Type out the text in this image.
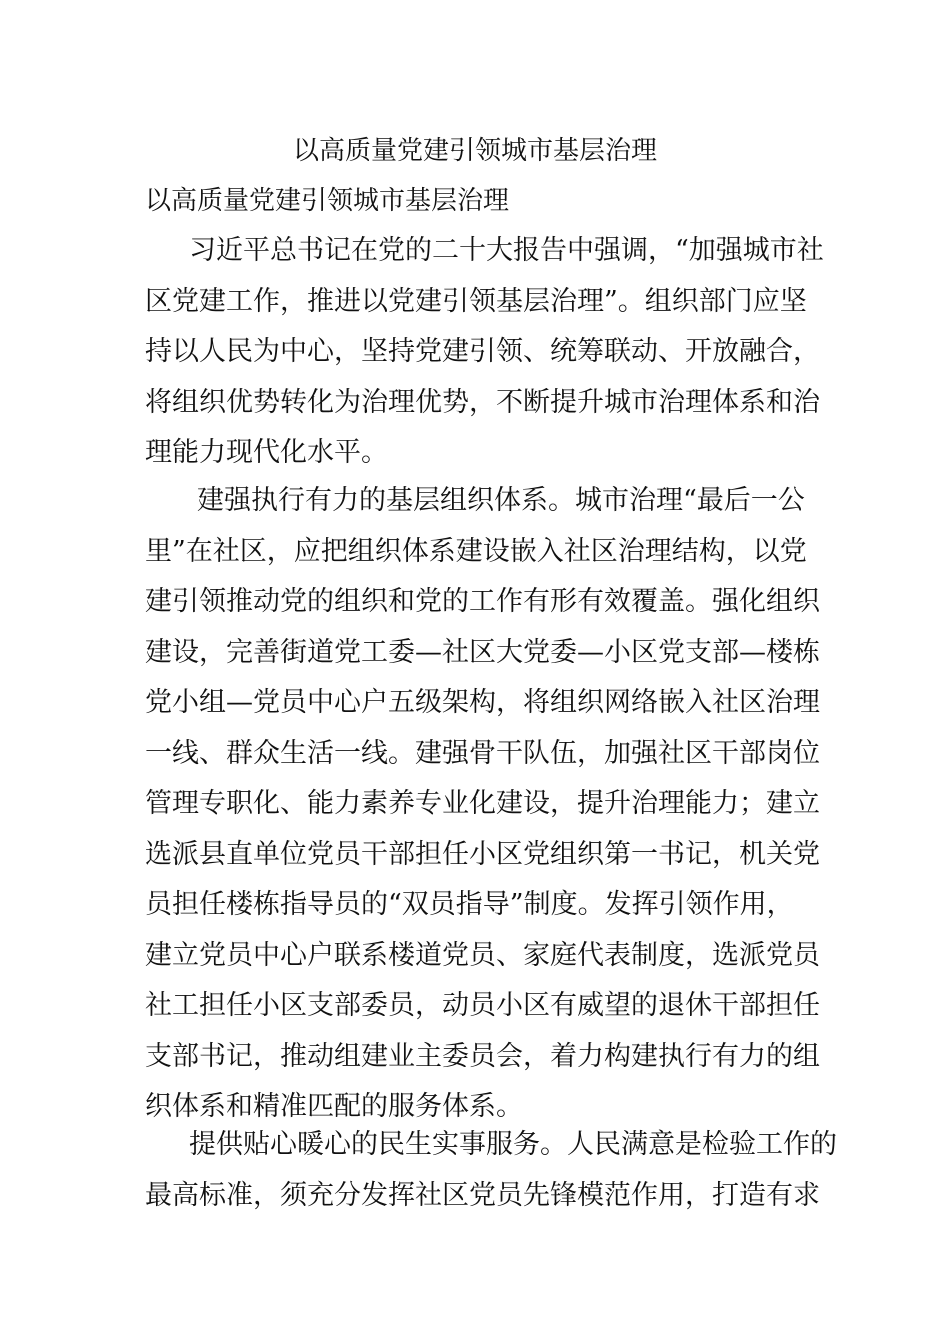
以高质量党建引领城市基层治理
以高质量党建引领城市基层治理
习近平总书记在党的二十大报告中强调，“加强城市社
区党建工作，推进以党建引领基层治理”。组织部门应坚
持以人民为中心，坚持党建引领、统筹联动、开放融合，
将组织优势转化为治理优势，不断提升城市治理体系和治
理能力现代化水平。
建强执行有力的基层组织体系。城市治理“最后一公
里”在社区，应把组织体系建设嵌入社区治理结构，以党
建引领推动党的组织和党的工作有形有效覆盖。强化组织
建设，完善街道党工委—社区大党委—小区党支部—楼栋
党小组—党员中心户五级架构，将组织网络嵌入社区治理
一线、群众生活一线。建强骨干队伍，加强社区干部岗位
管理专职化、能力素养专业化建设，提升治理能力；建立
选派县直单位党员干部担任小区党组织第一书记，机关党
员担任楼栋指导员的“双员指导”制度。发挥引领作用，
建立党员中心户联系楼道党员、家庭代表制度，选派党员
社工担任小区支部委员，动员小区有威望的退休干部担任
支部书记，推动组建业主委员会，着力构建执行有力的组
织体系和精准匹配的服务体系。
提供贴心暖心的民生实事服务。人民满意是检验工作的
最高标准，须充分发挥社区党员先锋模范作用，打造有求
